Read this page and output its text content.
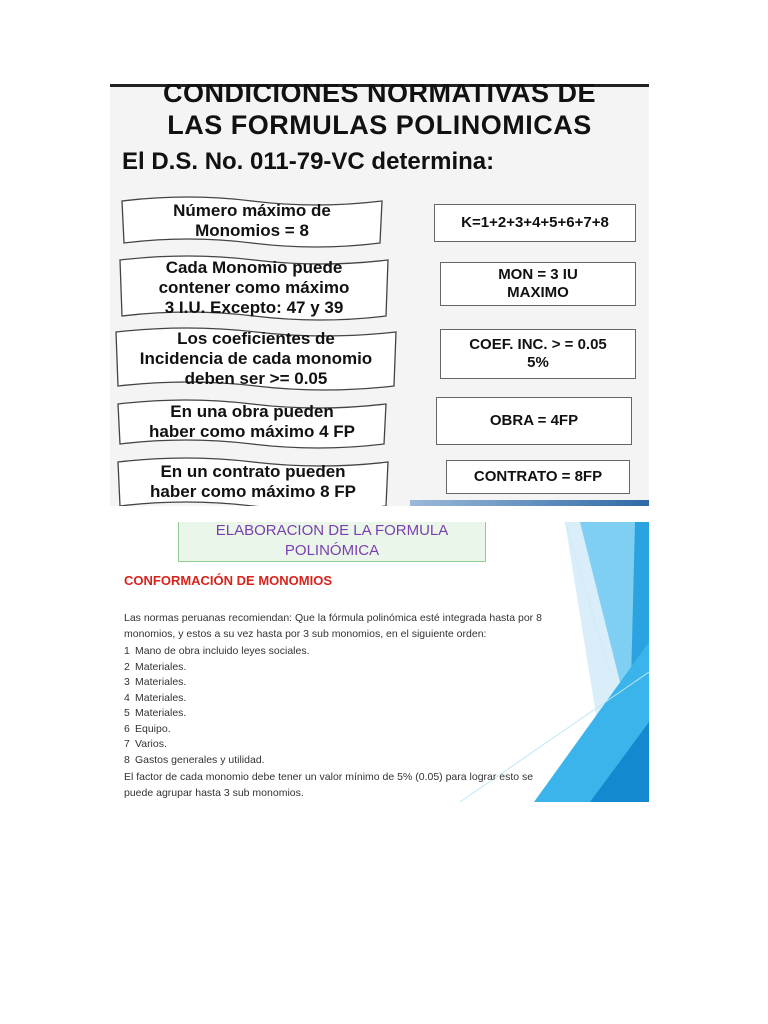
CONDICIONES NORMATIVAS DE
LAS FORMULAS POLINOMICAS
El D.S. No. 011-79-VC determina:
Número máximo de
Monomios = 8
Cada Monomio puede
contener como máximo
3 I.U. Excepto: 47 y 39
Los coeficientes de
Incidencia de cada monomio
deben ser >= 0.05
En una obra pueden
haber como máximo 4 FP
En un contrato pueden
haber como máximo 8 FP
K=1+2+3+4+5+6+7+8
MON = 3 IU
MAXIMO
COEF. INC. > = 0.05
5%
OBRA = 4FP
CONTRATO = 8FP
ELABORACION DE LA FORMULA
POLINÓMICA
CONFORMACIÓN DE MONOMIOS

Las normas peruanas recomiendan: Que la fórmula polinómica esté integrada hasta por 8 monomios, y estos a su vez hasta por 3 sub monomios, en el siguiente orden:

1 Mano de obra incluido leyes sociales.
2 Materiales.
3 Materiales.
4 Materiales.
5 Materiales.
6 Equipo.
7 Varios.
8 Gastos generales y utilidad.

El factor de cada monomio debe tener un valor mínimo de 5% (0.05) para lograr esto se puede agrupar hasta 3 sub monomios.
